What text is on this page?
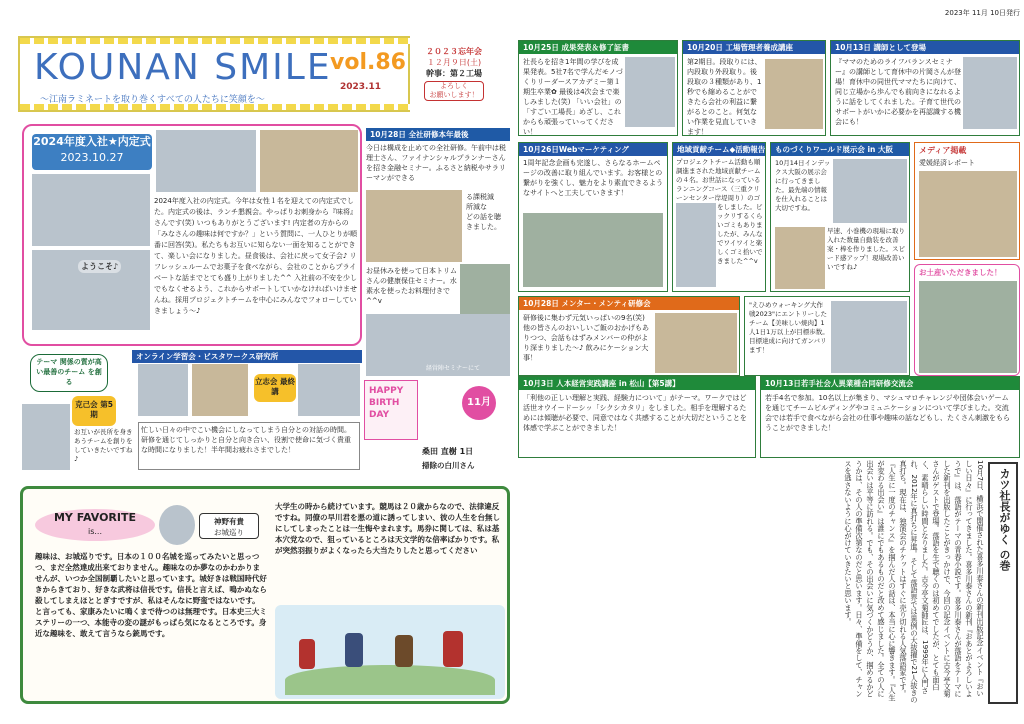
2023年 11月 10日発行
KOUNAN SMILE
vol.86
2023.11
〜江南ラミネートを取り巻くすべての人たちに笑顔を〜
２０２３忘年会
１２月９日(土)
幹事：第２工場
よろしく
お願いします！
2024年度入社★内定式
2023.10.27
ようこそ♪
2024年度入社の内定式。今年は女性１名を迎えての内定式でした。内定式の後は、ランチ懇親会。やっぱりお刺身から『味将』さんです(笑) いつもありがとうございます! 内定者の方からの「みなさんの趣味は何ですか？」という質問に、一人ひとりが順番に回答(笑)。私たちもお互いに知らない一面を知ることができて、楽しい会になりました。昼食後は、会社に戻って女子会♪ リフレッシュルームでお菓子を食べながら、会社のことからプライベートな話までとても盛り上がりました^^ 入社前の不安を少しでもなくせるよう、これからサポートしていかなければいけませんね。採用プロジェクトチームを中心にみんなでフォローしていきましょう〜♪
10月28日 全社研修本年最後
今日は構成を止めての全社研修。午前中は税理士さん、ファイナンシャルプランナーさんを招き金融セミナー。ふるさと納税やサラリーマンができる
る課税減
所減な
どの話を聴
きました。
お昼休みを使って日本トリムさんの健康保住セミナー。水素水を使ったお料理付きで^^v
経営陣セミナーにて
オンライン学習会・ビスタワークス研究所
テーマ 関係の質が高い最善のチーム を創る
克己会 第5期
お互いが長所を身きあうチームを創りをしていきたいですね♪
立志会 最終講
忙しい日々の中でこい機会にしなってしまう自分との対話の時間。研修を通じてしっかりと自分と向き合い、役割で使命に気づく貴重な時間になりました！半年間お疲れさまでした！
10月25日 成果発表＆修了証書
社長らを招き1年間の学びを成果発表。5社7名で学んだモノづくりリーダースアカデミー第１期生卒業✿ 最後は4次会まで楽しみました(笑) 「いい会社」の「すごい工場長」めざし、これからも頑張っていってください！
10月20日 工場管理者養成講座
第2期目。段取りには、内段取り外段取り。後段取の３種類があり、1秒でも縮めることができたら会社の利益に繋がるとのこと。何気ない作業を見直していきます！
10月13日 講師として登場
『ママのためのライフバランスセミナー』の講師として育休中の片岡さんが登場！育休中の同世代ママたちに向けて、同じ立場から歩んでも前向きになれるように話をしてくれました。子育て世代のサポートがいかに必要かを再認識する機会にも！
10月26日Webマーケティング
1周年記念企画も完遂し、さらなるホームページの改善に取り組んでいます。お客様との繋がりを強くし、魅力をより素直できるようなサイトへと工夫していきます！
地域貢献チーム◆活動報告
プロジェクトチーム活動も順調進まされた地域貢献チームの４名。お世話になっているランニングコース（三重クリーンセンター岸堤周り）のゴ
をしました。ピックリするくらいゴミもありましたが、みんなでワイワイと楽しくゴミ拾いできました^^v
ものづくりワールド展示会 in 大阪
10月14日インデックス大阪の展示会に行ってきました。最先端の情報を仕入れることは大切ですね。
早速、小巻機の現場に取り入れた数量自動装を改善案・棒を作りました。スピード感アップ！現場改善いいですね♪
メディア掲載
愛媛経済レポート
お土産いただきました！
10月28日 メンター・メンティ研修会
研修後に集わず元気いっぱいの9名(笑) 他の皆さんのおいしいご飯のおかげもありつつ、会話もはずみメンバーの仲がより深まりました〜♪ 飲みにケーション大事！
"えひめウォーキング大作戦2023"にエントリーしたチーム【美味しい焼肉】1人1日1万以上が目標歩数。目標達成に向けてガンバリます！
HAPPY BIRTH DAY
11月
桑田 直樹 1日
掃除の白川さん
10月3日 人本経営実践講座 in 松山【第5講】
「利他の正しい理解と実践、経験力について」がテーマ。ワークではど活世オウイードーシッ「シクシカタリ」をしました。相手を理解するためには傾聴が必要で、同意ではなく共感することが大切だということを体感で学ぶことができました！
10月13日若手社会人異業種合同研修交流会
若手4名で参加。10名以上が集まり、マシュマロチャレンジや団体会いゲームを通じてチームビルディングやコミュニケーションについて学びました。交流会では若手で食べながら会社の仕事や趣味の話などもし、たくさん刺激をもらうことができました！
MY FAVORITE
is...
神野有貴
お城巡り
趣味は、お城巡りです。日本の１００名城を巡ってみたいと思っつつ、まだ全然達成出来ておりません。趣味なのか夢なのかわかりませんが、いつか全国制覇したいと思っています。城好きは戦国時代好きからきており、好きな武将は信長です。信長と言えば、鳴かぬなら殺してしまえほととぎすですが、私はそんなに野蛮ではないです。と言っても、家康みたいに鳴くまで待つのは無理です。日本史三大ミステリーの一つ、本能寺の変の謎がもっぱら気になるところです。身近な趣味を、敢えて言うなら銃馬です。
大学生の時から続けています。競馬は２０歳からなので、法律違反ですね。同僚の早川君を悪の道に誘ってしまい、彼の人生を台無しにしてしまったことは一生悔やまれます。馬券に関しては、私は基本穴党なので、狙っているところは天文学的な倍率ばかりです。私が突然羽振りがよくなったら大当たりしたと思ってください	10月7日、横浜で開催された喜多川泰さんの新刊出版記念イベント『おいしい日々』に行ってきました。喜多川泰さんの新刊『おあとがよろしいようで』は、落語がテーマの青春小説です。喜多川泰さんが落語をテーマにした新刊を出版したことがきっかけで、今回の記念イベントに古今亭文菊さんがゲストで登場。落語を生で聴くのは初めてでしたが、とても面白く、素晴らしい時間となりました。古今亭文菊師匠は、1999年に入門され、2012年に真打ちに昇進。そして落語界では異例の大抜擢で21人抜きの真打ち。現在は、独演会のチケットはすぐに売り切れる人気落語家です。『人生に一度のチャンス』を掴んだ人の話は、本当に心に響きます。『人生が変わる出会い』は誰にでもあるものだと改めて感じました。全ての人に出会いは平等に訪れる。でも、その出会いに気づくかどうか、掴めるかどうかは、その人の準備次第なのだと思います。日々、準備をして、チャンスを逃さないように心がけていきたいと思います。	カツ社長がゆく の巻
